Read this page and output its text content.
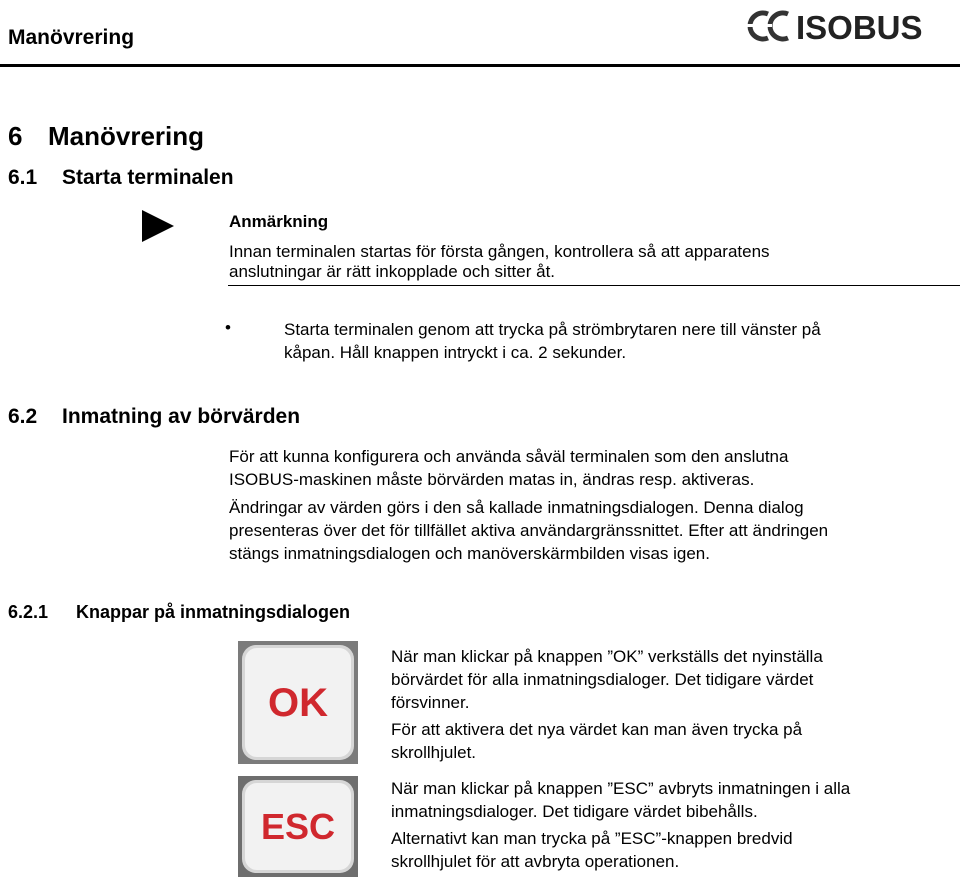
Manövrering	ISOBUS
6 Manövrering
6.1 Starta terminalen
Anmärkning
Innan terminalen startas för första gången, kontrollera så att apparatens
anslutningar är rätt inkopplade och sitter åt.
•	Starta terminalen genom att trycka på strömbrytaren nere till vänster på
kåpan. Håll knappen intryckt i ca. 2 sekunder.
6.2 Inmatning av börvärden
För att kunna konfigurera och använda såväl terminalen som den anslutna
ISOBUS-maskinen måste börvärden matas in, ändras resp. aktiveras.
Ändringar av värden görs i den så kallade inmatningsdialogen. Denna dialog
presenteras över det för tillfället aktiva användargränssnittet. Efter att ändringen
stängs inmatningsdialogen och manöverskärmbilden visas igen.
6.2.1 Knappar på inmatningsdialogen
OK
När man klickar på knappen ”OK” verkställs det nyinställa
börvärdet för alla inmatningsdialoger. Det tidigare värdet
försvinner.
För att aktivera det nya värdet kan man även trycka på
skrollhjulet.
ESC
När man klickar på knappen ”ESC” avbryts inmatningen i alla
inmatningsdialoger. Det tidigare värdet bibehålls.
Alternativt kan man trycka på ”ESC”-knappen bredvid
skrollhjulet för att avbryta operationen.
